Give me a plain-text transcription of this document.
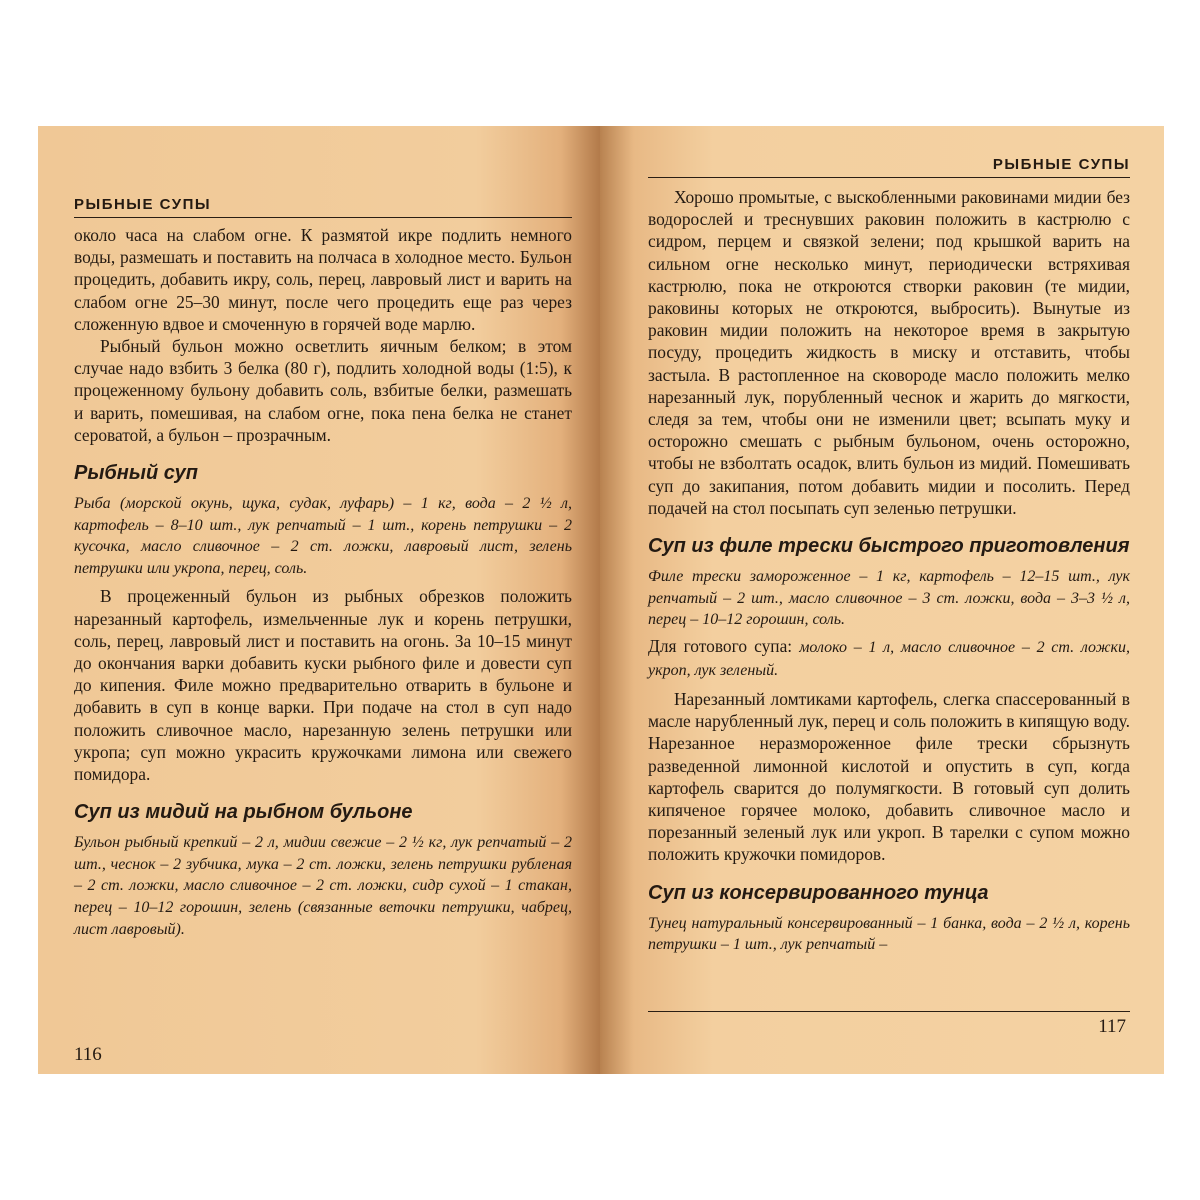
РЫБНЫЕ СУПЫ

около часа на слабом огне. К размятой икре подлить немного воды, размешать и поставить на полчаса в холодное место. Бульон процедить, добавить икру, соль, перец, лавровый лист и варить на слабом огне 25–30 минут, после чего процедить еще раз через сложенную вдвое и смоченную в горячей воде марлю.

Рыбный бульон можно осветлить яичным белком; в этом случае надо взбить 3 белка (80 г), подлить холодной воды (1:5), к процеженному бульону добавить соль, взбитые белки, размешать и варить, помешивая, на слабом огне, пока пена белка не станет сероватой, а бульон – прозрачным.

Рыбный суп

Рыба (морской окунь, щука, судак, луфарь) – 1 кг, вода – 2 ½ л, картофель – 8–10 шт., лук репчатый – 1 шт., корень петрушки – 2 кусочка, масло сливочное – 2 ст. ложки, лавровый лист, зелень петрушки или укропа, перец, соль.

В процеженный бульон из рыбных обрезков положить нарезанный картофель, измельченные лук и корень петрушки, соль, перец, лавровый лист и поставить на огонь. За 10–15 минут до окончания варки добавить куски рыбного филе и довести суп до кипения. Филе можно предварительно отварить в бульоне и добавить в суп в конце варки. При подаче на стол в суп надо положить сливочное масло, нарезанную зелень петрушки или укропа; суп можно украсить кружочками лимона или свежего помидора.

Суп из мидий на рыбном бульоне

Бульон рыбный крепкий – 2 л, мидии свежие – 2 ½ кг, лук репчатый – 2 шт., чеснок – 2 зубчика, мука – 2 ст. ложки, зелень петрушки рубленая – 2 ст. ложки, масло сливочное – 2 ст. ложки, сидр сухой – 1 стакан, перец – 10–12 горошин, зелень (связанные веточки петрушки, чабрец, лист лавровый).

116
РЫБНЫЕ СУПЫ

Хорошо промытые, с выскобленными раковинами мидии без водорослей и треснувших раковин положить в кастрюлю с сидром, перцем и связкой зелени; под крышкой варить на сильном огне несколько минут, периодически встряхивая кастрюлю, пока не откроются створки раковин (те мидии, раковины которых не откроются, выбросить). Вынутые из раковин мидии положить на некоторое время в закрытую посуду, процедить жидкость в миску и отставить, чтобы застыла. В растопленное на сковороде масло положить мелко нарезанный лук, порубленный чеснок и жарить до мягкости, следя за тем, чтобы они не изменили цвет; всыпать муку и осторожно смешать с рыбным бульоном, очень осторожно, чтобы не взболтать осадок, влить бульон из мидий. Помешивать суп до закипания, потом добавить мидии и посолить. Перед подачей на стол посыпать суп зеленью петрушки.

Суп из филе трески быстрого приготовления

Филе трески замороженное – 1 кг, картофель – 12–15 шт., лук репчатый – 2 шт., масло сливочное – 3 ст. ложки, вода – 3–3 ½ л, перец – 10–12 горошин, соль.

Для готового супа: молоко – 1 л, масло сливочное – 2 ст. ложки, укроп, лук зеленый.

Нарезанный ломтиками картофель, слегка спассерованный в масле нарубленный лук, перец и соль положить в кипящую воду. Нарезанное неразмороженное филе трески сбрызнуть разведенной лимонной кислотой и опустить в суп, когда картофель сварится до полумягкости. В готовый суп долить кипяченое горячее молоко, добавить сливочное масло и порезанный зеленый лук или укроп. В тарелки с супом можно положить кружочки помидоров.

Суп из консервированного тунца

Тунец натуральный консервированный – 1 банка, вода – 2 ½ л, корень петрушки – 1 шт., лук репчатый –

117
